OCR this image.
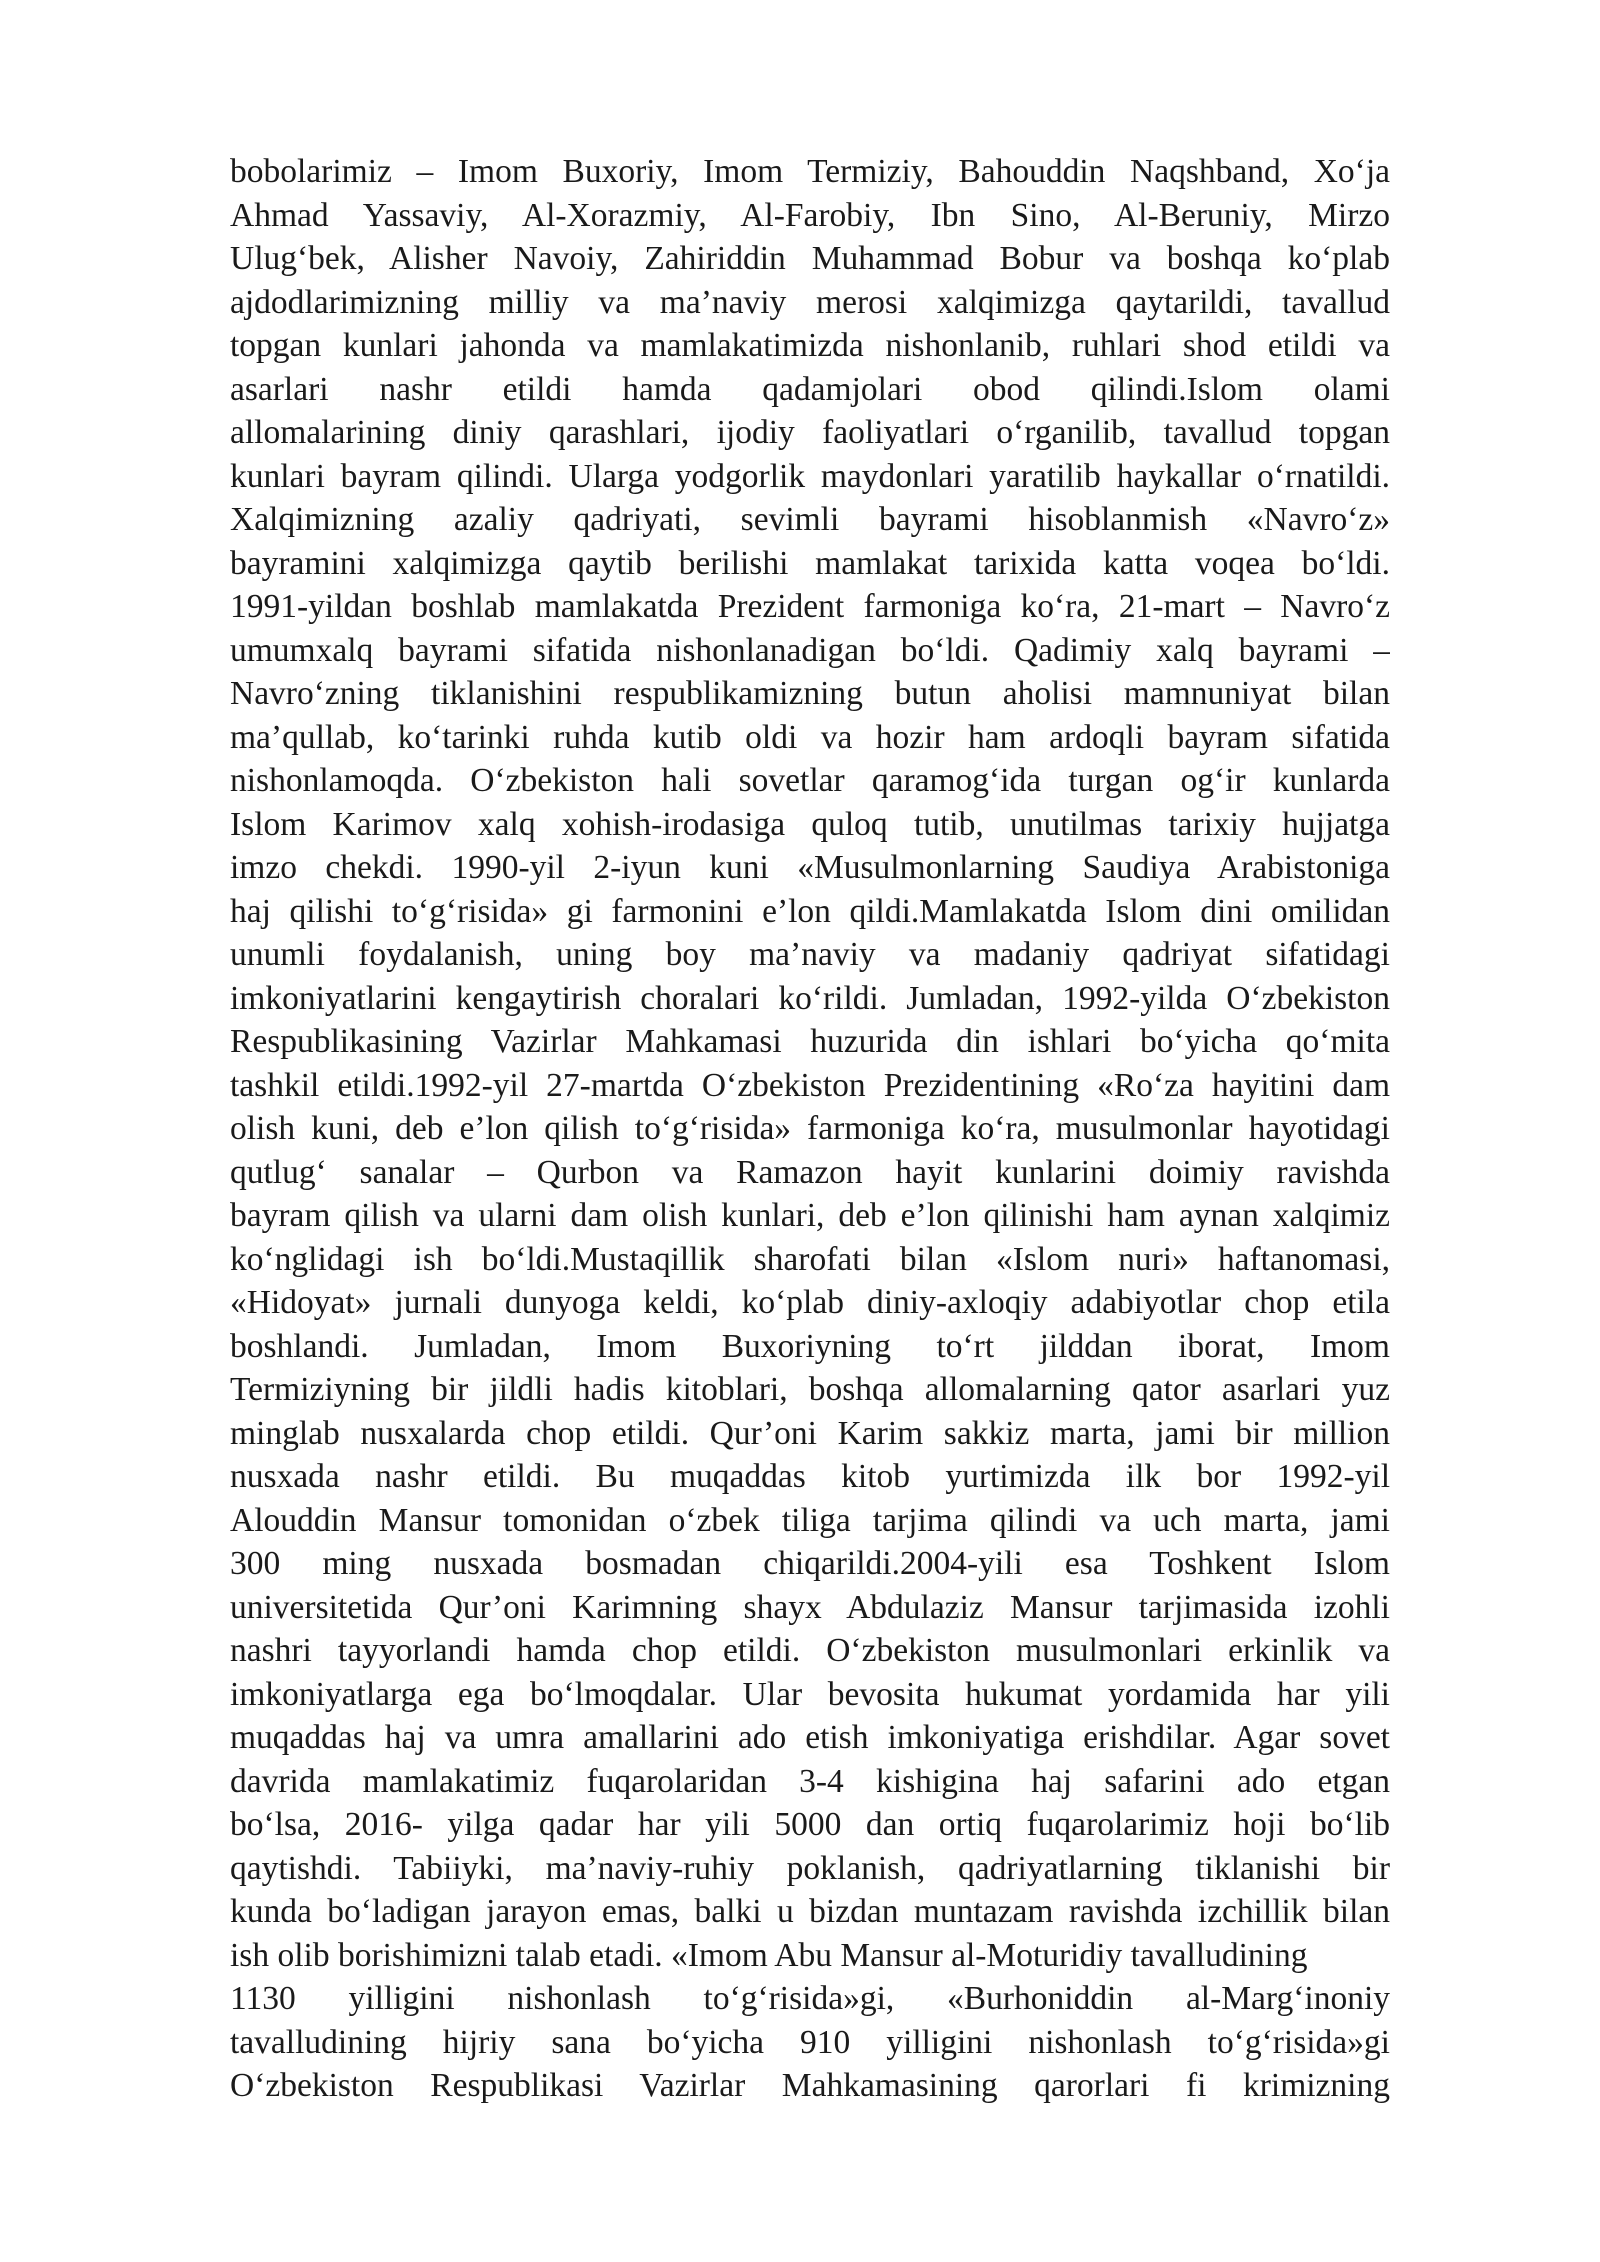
bobolarimiz – Imom Buxoriy, Imom Termiziy, Bahouddin Naqshband, Xo‘ja
Ahmad Yassaviy, Al-Xorazmiy, Al-Farobiy, Ibn Sino, Al-Beruniy, Mirzo
Ulug‘bek, Alisher Navoiy, Zahiriddin Muhammad Bobur va boshqa ko‘plab
ajdodlarimizning milliy va ma’naviy merosi xalqimizga qaytarildi, tavallud
topgan kunlari jahonda va mamlakatimizda nishonlanib, ruhlari shod etildi va
asarlari nashr etildi hamda qadamjolari obod qilindi.Islom olami
allomalarining diniy qarashlari, ijodiy faoliyatlari o‘rganilib, tavallud topgan
kunlari bayram qilindi. Ularga yodgorlik maydonlari yaratilib haykallar o‘rnatildi.
Xalqimizning azaliy qadriyati, sevimli bayrami hisoblanmish «Navro‘z»
bayramini xalqimizga qaytib berilishi mamlakat tarixida katta voqea bo‘ldi.
1991-yildan boshlab mamlakatda Prezident farmoniga ko‘ra, 21-mart – Navro‘z
umumxalq bayrami sifatida nishonlanadigan bo‘ldi. Qadimiy xalq bayrami –
Navro‘zning tiklanishini respublikamizning butun aholisi mamnuniyat bilan
ma’qullab, ko‘tarinki ruhda kutib oldi va hozir ham ardoqli bayram sifatida
nishonlamoqda. O‘zbekiston hali sovetlar qaramog‘ida turgan og‘ir kunlarda
Islom Karimov xalq xohish-irodasiga quloq tutib, unutilmas tarixiy hujjatga
imzo chekdi. 1990-yil 2-iyun kuni «Musulmonlarning Saudiya Arabistoniga
haj qilishi to‘g‘risida» gi farmonini e’lon qildi.Mamlakatda Islom dini omilidan
unumli foydalanish, uning boy ma’naviy va madaniy qadriyat sifatidagi
imkoniyatlarini kengaytirish choralari ko‘rildi. Jumladan, 1992-yilda O‘zbekiston
Respublikasining Vazirlar Mahkamasi huzurida din ishlari bo‘yicha qo‘mita
tashkil etildi.1992-yil 27-martda O‘zbekiston Prezidentining «Ro‘za hayitini dam
olish kuni, deb e’lon qilish to‘g‘risida» farmoniga ko‘ra, musulmonlar hayotidagi
qutlug‘ sanalar – Qurbon va Ramazon hayit kunlarini doimiy ravishda
bayram qilish va ularni dam olish kunlari, deb e’lon qilinishi ham aynan xalqimiz
ko‘nglidagi ish bo‘ldi.Mustaqillik sharofati bilan «Islom nuri» haftanomasi,
«Hidoyat» jurnali dunyoga keldi, ko‘plab diniy-axloqiy adabiyotlar chop etila
boshlandi. Jumladan, Imom Buxoriyning to‘rt jilddan iborat, Imom
Termiziyning bir jildli hadis kitoblari, boshqa allomalarning qator asarlari yuz
minglab nusxalarda chop etildi. Qur’oni Karim sakkiz marta, jami bir million
nusxada nashr etildi. Bu muqaddas kitob yurtimizda ilk bor 1992-yil
Alouddin Mansur tomonidan o‘zbek tiliga tarjima qilindi va uch marta, jami
300 ming nusxada bosmadan chiqarildi.2004-yili esa Toshkent Islom
universitetida Qur’oni Karimning shayx Abdulaziz Mansur tarjimasida izohli
nashri tayyorlandi hamda chop etildi. O‘zbekiston musulmonlari erkinlik va
imkoniyatlarga ega bo‘lmoqdalar. Ular bevosita hukumat yordamida har yili
muqaddas haj va umra amallarini ado etish imkoniyatiga erishdilar. Agar sovet
davrida mamlakatimiz fuqarolaridan 3-4 kishigina haj safarini ado etgan
bo‘lsa, 2016- yilga qadar har yili 5000 dan ortiq fuqarolarimiz hoji bo‘lib
qaytishdi. Tabiiyki, ma’naviy-ruhiy poklanish, qadriyatlarning tiklanishi bir
kunda bo‘ladigan jarayon emas, balki u bizdan muntazam ravishda izchillik bilan
ish olib borishimizni talab etadi. «Imom Abu Mansur al-Moturidiy tavalludining
1130 yilligini nishonlash to‘g‘risida»gi, «Burhoniddin al-Marg‘inoniy
tavalludining hijriy sana bo‘yicha 910 yilligini nishonlash to‘g‘risida»gi
O‘zbekiston Respublikasi Vazirlar Mahkamasining qarorlari fi krimizning
